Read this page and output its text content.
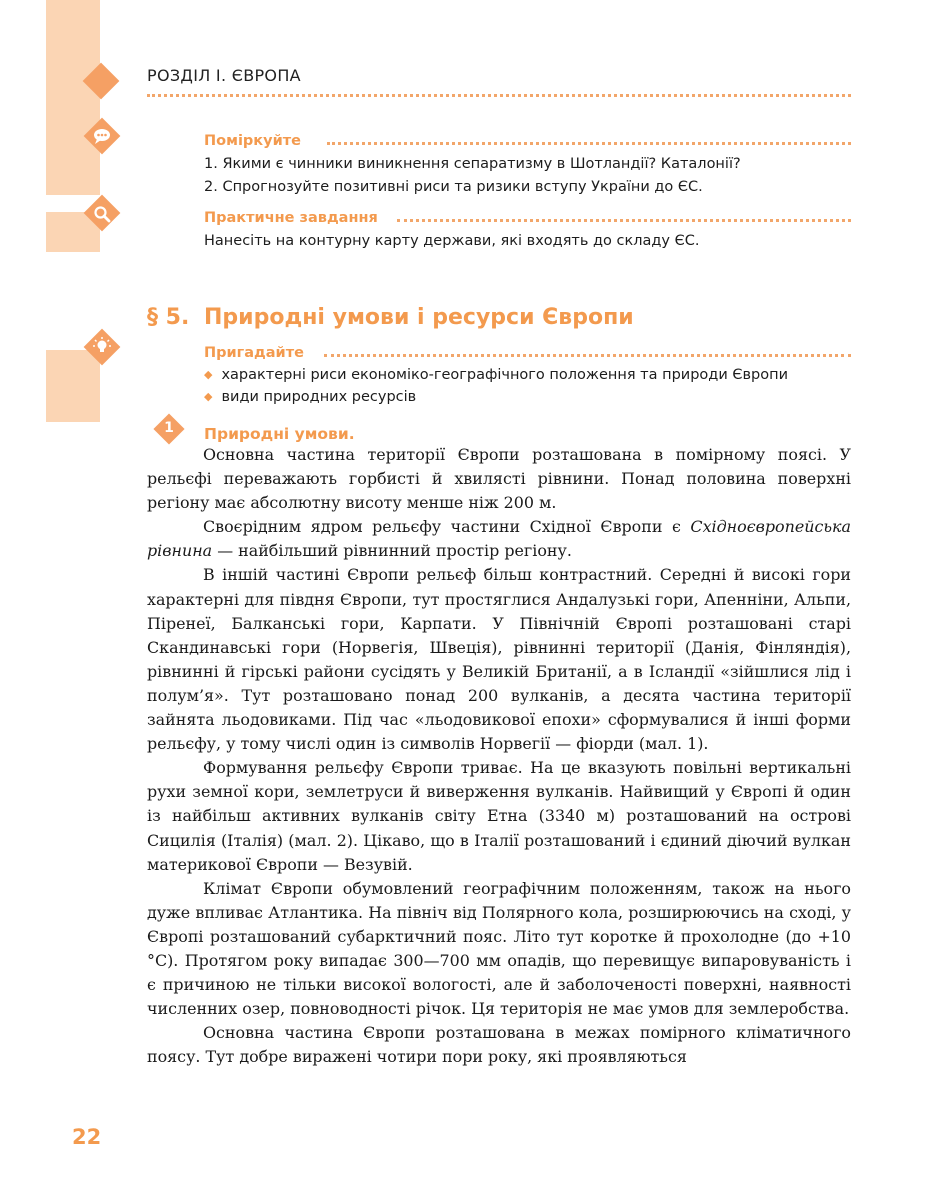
РОЗДІЛ І. ЄВРОПА
Поміркуйте
1. Якими є чинники виникнення сепаратизму в Шотландії? Каталонії?
2. Спрогнозуйте позитивні риси та ризики вступу України до ЄС.
Практичне завдання
Нанесіть на контурну карту держави, які входять до складу ЄС.
§ 5. Природні умови і ресурси Європи
Пригадайте
◆ характерні риси економіко-географічного положення та природи Європи
◆ види природних ресурсів
1 Природні умови.

Основна частина території Європи розташована в помірному поясі. У рельєфі переважають горбисті й хвилясті рівнини. Понад половина поверхні регіону має абсолютну висоту менше ніж 200 м.

Своєрідним ядром рельєфу частини Східної Європи є Східноєвропейська рівнина — найбільший рівнинний простір регіону.

В іншій частині Європи рельєф більш контрастний. Середні й високі гори характерні для півдня Європи, тут простяглися Андалузькі гори, Апенніни, Альпи, Піренеї, Балканські гори, Карпати. У Північній Європі розташовані старі Скандинавські гори (Норвегія, Швеція), рівнинні території (Данія, Фінляндія), рівнинні й гірські райони сусідять у Великій Британії, а в Ісландії «зійшлися лід і полум’я». Тут розташовано понад 200 вулканів, а десята частина території зайнята льодовиками. Під час «льодовикової епохи» сформувалися й інші форми рельєфу, у тому числі один із символів Норвегії — фіорди (мал. 1).

Формування рельєфу Європи триває. На це вказують повільні вертикальні рухи земної кори, землетруси й виверження вулканів. Найвищий у Європі й один із найбільш активних вулканів світу Етна (3340 м) розташований на острові Сицилія (Італія) (мал. 2). Цікаво, що в Італії розташований і єдиний діючий вулкан материкової Європи — Везувій.

Клімат Європи обумовлений географічним положенням, також на нього дуже впливає Атлантика. На північ від Полярного кола, розширюючись на сході, у Європі розташований субарктичний пояс. Літо тут коротке й прохолодне (до +10 °С). Протягом року випадає 300—700 мм опадів, що перевищує випаровуваність і є причиною не тільки високої вологості, але й заболоченості поверхні, наявності численних озер, повноводності річок. Ця територія не має умов для землеробства.

Основна частина Європи розташована в межах помірного кліматичного поясу. Тут добре виражені чотири пори року, які проявляються

22
